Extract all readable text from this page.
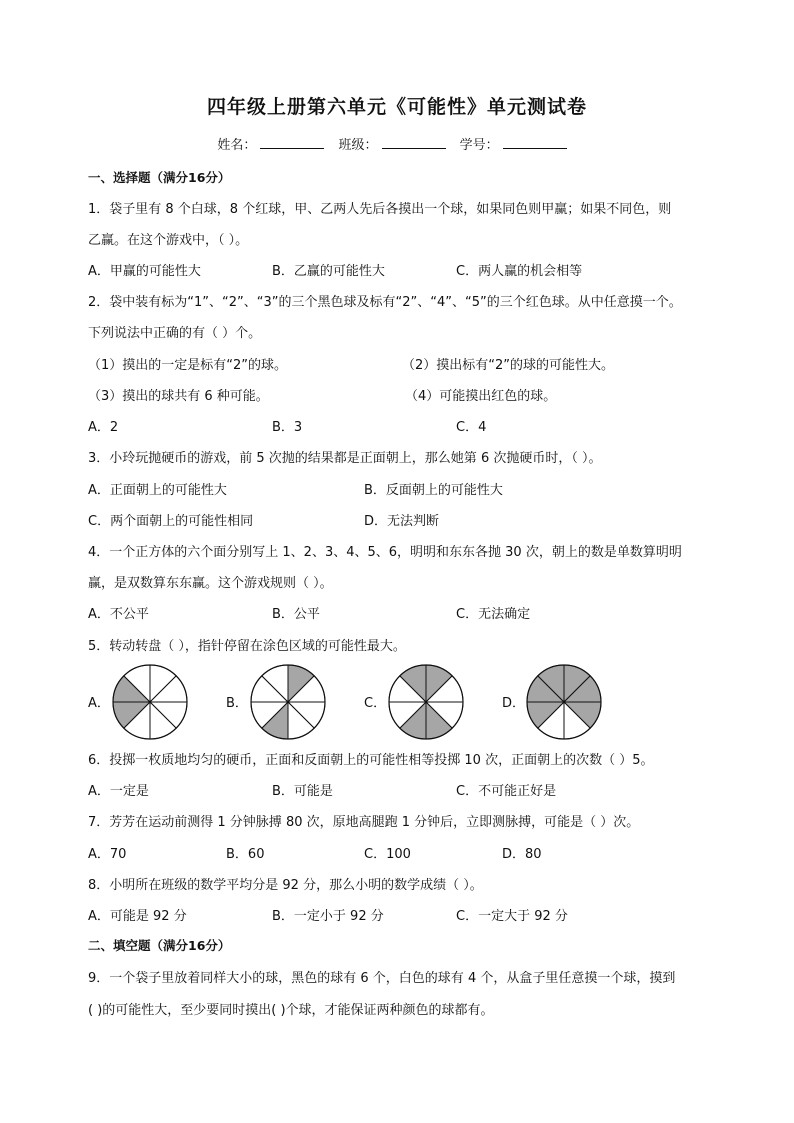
四年级上册第六单元《可能性》单元测试卷
姓名：	班级：	学号：
一、选择题（满分16分）
1．袋子里有 8 个白球，8 个红球，甲、乙两人先后各摸出一个球，如果同色则甲赢；如果不同色，则
乙赢。在这个游戏中，（ ）。
A．甲赢的可能性大	B．乙赢的可能性大	C．两人赢的机会相等
2．袋中装有标为“1”、“2”、“3”的三个黑色球及标有“2”、“4”、“5”的三个红色球。从中任意摸一个。
下列说法中正确的有（ ）个。
（1）摸出的一定是标有“2”的球。	（2）摸出标有“2”的球的可能性大。
（3）摸出的球共有 6 种可能。	（4）可能摸出红色的球。
A．2	B．3	C．4
3．小玲玩抛硬币的游戏，前 5 次抛的结果都是正面朝上，那么她第 6 次抛硬币时，（ ）。
A．正面朝上的可能性大	B．反面朝上的可能性大
C．两个面朝上的可能性相同	D．无法判断
4．一个正方体的六个面分别写上 1、2、3、4、5、6，明明和东东各抛 30 次，朝上的数是单数算明明
赢，是双数算东东赢。这个游戏规则（ ）。
A．不公平	B．公平	C．无法确定
5．转动转盘（ ），指针停留在涂色区域的可能性最大。
A．	B．	C．	D．
6．投掷一枚质地均匀的硬币，正面和反面朝上的可能性相等投掷 10 次，正面朝上的次数（ ）5。
A．一定是	B．可能是	C．不可能正好是
7．芳芳在运动前测得 1 分钟脉搏 80 次，原地高腿跑 1 分钟后，立即测脉搏，可能是（ ）次。
A．70	B．60	C．100	D．80
8．小明所在班级的数学平均分是 92 分，那么小明的数学成绩（ ）。
A．可能是 92 分	B．一定小于 92 分	C．一定大于 92 分
二、填空题（满分16分）
9．一个袋子里放着同样大小的球，黑色的球有 6 个，白色的球有 4 个，从盒子里任意摸一个球，摸到
( )的可能性大，至少要同时摸出( )个球，才能保证两种颜色的球都有。
